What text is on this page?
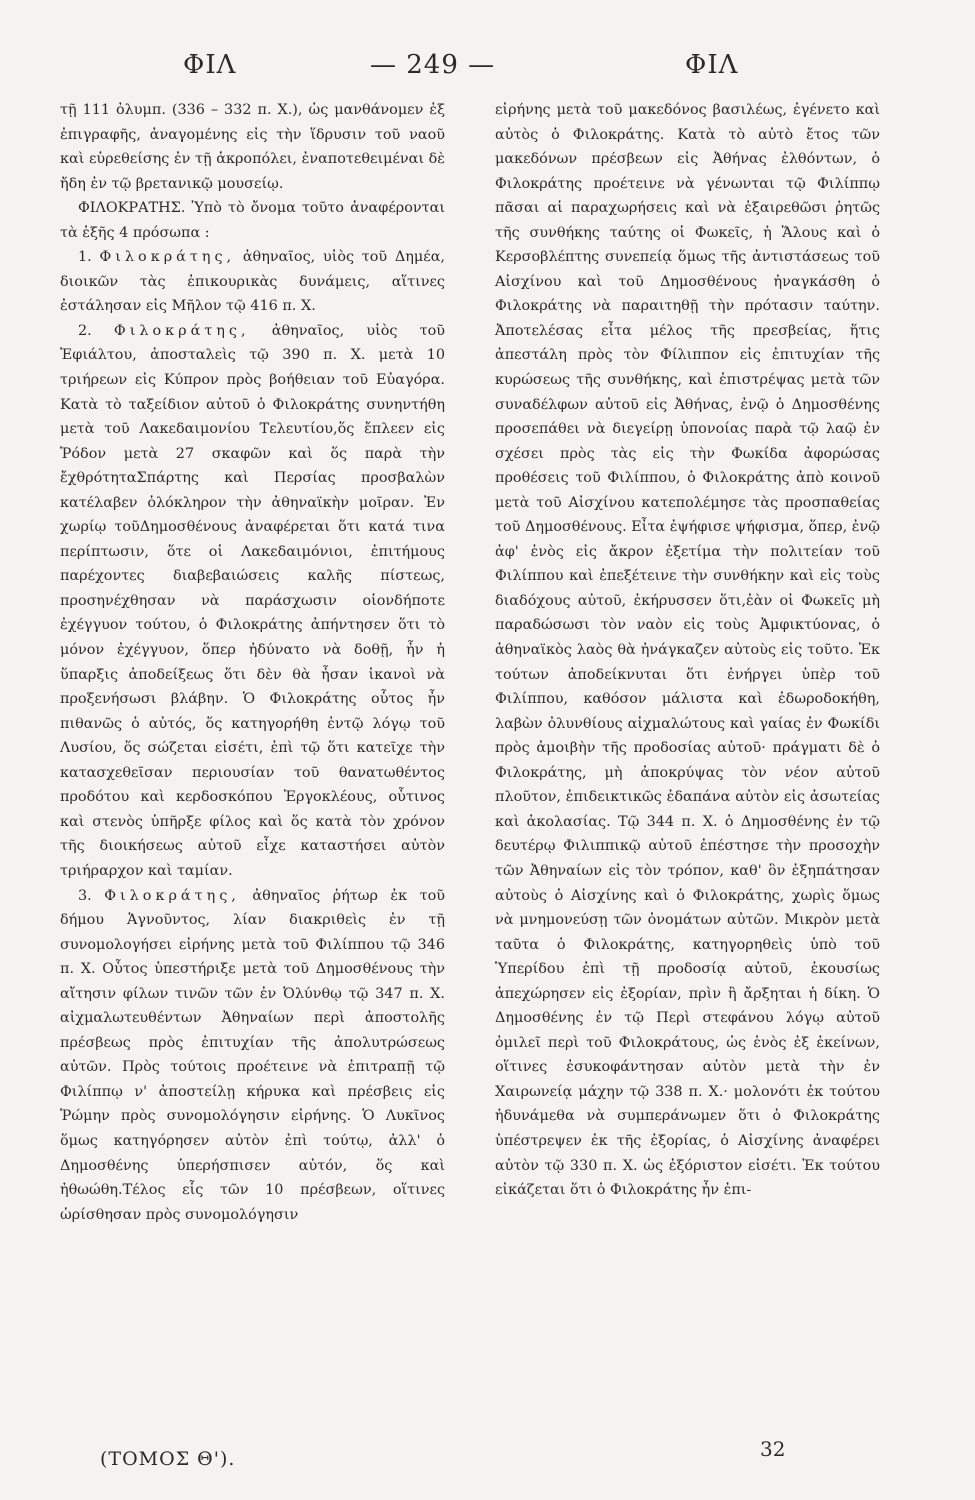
ΦΙΛ	— 249 —	ΦΙΛ

τῇ 111 ὀλυμπ. (336 – 332 π. Χ.), ὡς μανθάνομεν ἐξ ἐπιγραφῆς, ἀναγομένης εἰς τὴν ἵδρυσιν τοῦ ναοῦ καὶ εὑρεθείσης ἐν τῇ ἀκροπόλει, ἐναποτεθειμέναι δὲ ἤδη ἐν τῷ βρετανικῷ μουσείῳ.

ΦΙΛΟΚΡΑΤΗΣ. Ὑπὸ τὸ ὄνομα τοῦτο ἀναφέρονται τὰ ἑξῆς 4 πρόσωπα :

1. Φιλοκράτης, ἀθηναῖος, υἱὸς τοῦ Δημέα, διοικῶν τὰς ἐπικουρικὰς δυνάμεις, αἵτινες ἐστάλησαν εἰς Μῆλον τῷ 416 π. Χ.

2. Φιλοκράτης, ἀθηναῖος, υἱὸς τοῦ Ἐφιάλτου, ἀποσταλεὶς τῷ 390 π. Χ. μετὰ 10 τριήρεων εἰς Κύπρον πρὸς βοήθειαν τοῦ Εὐαγόρα. Κατὰ τὸ ταξείδιον αὐτοῦ ὁ Φιλοκράτης συνηντήθη μετὰ τοῦ Λακεδαιμονίου Τελευτίου,ὅς ἔπλεεν εἰς Ῥόδον μετὰ 27 σκαφῶν καὶ ὅς παρὰ τὴν ἔχθρότηταΣπάρτης καὶ Περσίας προσβαλὼν κατέλαβεν ὁλόκληρον τὴν ἀθηναϊκὴν μοῖραν. Ἐν χωρίῳ τοῦΔημοσθένους ἀναφέρεται ὅτι κατά τινα περίπτωσιν, ὅτε οἱ Λακεδαιμόνιοι, ἐπιτήμους παρέχοντες διαβεβαιώσεις καλῆς πίστεως, προσηνέχθησαν νὰ παράσχωσιν οἱονδήποτε ἐχέγγυον τούτου, ὁ Φιλοκράτης ἀπήντησεν ὅτι τὸ μόνον ἐχέγγυον, ὅπερ ἠδύνατο νὰ δοθῇ, ἦν ἡ ὕπαρξις ἀποδείξεως ὅτι δὲν θὰ ἦσαν ἱκανοὶ νὰ προξενήσωσι βλάβην. Ὁ Φιλοκράτης οὗτος ἦν πιθανῶς ὁ αὐτός, ὅς κατηγορήθη ἐντῷ λόγῳ τοῦ Λυσίου, ὅς σώζεται εἰσέτι, ἐπὶ τῷ ὅτι κατεῖχε τὴν κατασχεθεῖσαν περιουσίαν τοῦ θανατωθέντος προδότου καὶ κερδοσκόπου Ἐργοκλέους, οὗτινος καὶ στενὸς ὑπῆρξε φίλος καὶ ὅς κατὰ τὸν χρόνον τῆς διοικήσεως αὐτοῦ εἶχε καταστήσει αὐτὸν τριήραρχον καὶ ταμίαν.

3. Φιλοκράτης, ἀθηναῖος ῥήτωρ ἐκ τοῦ δήμου Ἁγνοῦντος, λίαν διακριθεὶς ἐν τῇ συνομολογήσει εἰρήνης μετὰ τοῦ Φιλίππου τῷ 346 π. Χ. Οὗτος ὑπεστήριξε μετὰ τοῦ Δημοσθένους τὴν αἴτησιν φίλων τινῶν τῶν ἐν Ὀλύνθῳ τῷ 347 π. Χ. αἰχμαλωτευθέντων Ἀθηναίων περὶ ἀποστολῆς πρέσβεως πρὸς ἐπιτυχίαν τῆς ἀπολυτρώσεως αὐτῶν. Πρὸς τούτοις προέτεινε νὰ ἐπιτραπῇ τῷ Φιλίππῳ ν' ἀποστείλῃ κήρυκα καὶ πρέσβεις εἰς Ῥώμην πρὸς συνομολόγησιν εἰρήνης. Ὁ Λυκῖνος ὅμως κατηγόρησεν αὐτὸν ἐπὶ τούτῳ, ἀλλ' ὁ Δημοσθένης ὑπερήσπισεν αὐτόν, ὅς καὶ ἠθωώθη.Τέλος εἷς τῶν 10 πρέσβεων, οἵτινες ὡρίσθησαν πρὸς συνομολόγησιν

εἰρήνης μετὰ τοῦ μακεδόνος βασιλέως, ἐγένετο καὶ αὐτὸς ὁ Φιλοκράτης. Κατὰ τὸ αὐτὸ ἔτος τῶν μακεδόνων πρέσβεων εἰς Ἀθήνας ἐλθόντων, ὁ Φιλοκράτης προέτεινε νὰ γένωνται τῷ Φιλίππῳ πᾶσαι αἱ παραχωρήσεις καὶ νὰ ἐξαιρεθῶσι ῥητῶς τῆς συνθήκης ταύτης οἱ Φωκεῖς, ἡ Ἅλους καὶ ὁ Κερσοβλέπτης συνεπείᾳ ὅμως τῆς ἀντιστάσεως τοῦ Αἰσχίνου καὶ τοῦ Δημοσθένους ἠναγκάσθη ὁ Φιλοκράτης νὰ παραιτηθῇ τὴν πρότασιν ταύτην. Ἀποτελέσας εἶτα μέλος τῆς πρεσβείας, ἥτις ἀπεστάλη πρὸς τὸν Φίλιππον εἰς ἐπιτυχίαν τῆς κυρώσεως τῆς συνθήκης, καὶ ἐπιστρέψας μετὰ τῶν συναδέλφων αὐτοῦ εἰς Ἀθήνας, ἐνῷ ὁ Δημοσθένης προσεπάθει νὰ διεγείρῃ ὑπονοίας παρὰ τῷ λαῷ ἐν σχέσει πρὸς τὰς εἰς τὴν Φωκίδα ἀφορώσας προθέσεις τοῦ Φιλίππου, ὁ Φιλοκράτης ἀπὸ κοινοῦ μετὰ τοῦ Αἰσχίνου κατεπολέμησε τὰς προσπαθείας τοῦ Δημοσθένους. Εἶτα ἐψήφισε ψήφισμα, ὅπερ, ἐνῷ ἀφ' ἑνὸς εἰς ἄκρον ἐξετίμα τὴν πολιτείαν τοῦ Φιλίππου καὶ ἐπεξέτεινε τὴν συνθήκην καὶ εἰς τοὺς διαδόχους αὐτοῦ, ἐκήρυσσεν ὅτι,ἐὰν οἱ Φωκεῖς μὴ παραδώσωσι τὸν ναὸν εἰς τοὺς Ἀμφικτύονας, ὁ ἀθηναϊκὸς λαὸς θὰ ἠνάγκαζεν αὐτοὺς εἰς τοῦτο. Ἐκ τούτων ἀποδείκνυται ὅτι ἐνήργει ὑπὲρ τοῦ Φιλίππου, καθόσον μάλιστα καὶ ἐδωροδοκήθη, λαβὼν ὀλυνθίους αἰχμαλώτους καὶ γαίας ἐν Φωκίδι πρὸς ἀμοιβὴν τῆς προδοσίας αὐτοῦ· πράγματι δὲ ὁ Φιλοκράτης, μὴ ἀποκρύψας τὸν νέον αὐτοῦ πλοῦτον, ἐπιδεικτικῶς ἐδαπάνα αὐτὸν εἰς ἀσωτείας καὶ ἀκολασίας. Τῷ 344 π. Χ. ὁ Δημοσθένης ἐν τῷ δευτέρῳ Φιλιππικῷ αὐτοῦ ἐπέστησε τὴν προσοχὴν τῶν Ἀθηναίων εἰς τὸν τρόπον, καθ' ὃν ἐξηπάτησαν αὐτοὺς ὁ Αἰσχίνης καὶ ὁ Φιλοκράτης, χωρὶς ὅμως νὰ μνημονεύσῃ τῶν ὀνομάτων αὐτῶν. Μικρὸν μετὰ ταῦτα ὁ Φιλοκράτης, κατηγορηθεὶς ὑπὸ τοῦ Ὑπερίδου ἐπὶ τῇ προδοσίᾳ αὐτοῦ, ἑκουσίως ἀπεχώρησεν εἰς ἐξορίαν, πρὶν ἢ ἄρξηται ἡ δίκη. Ὁ Δημοσθένης ἐν τῷ Περὶ στεφάνου λόγῳ αὐτοῦ ὁμιλεῖ περὶ τοῦ Φιλοκράτους, ὡς ἑνὸς ἐξ ἐκείνων, οἵτινες ἐσυκοφάντησαν αὐτὸν μετὰ τὴν ἐν Χαιρωνείᾳ μάχην τῷ 338 π. Χ.· μολονότι ἐκ τούτου ἠδυνάμεθα νὰ συμπεράνωμεν ὅτι ὁ Φιλοκράτης ὑπέστρεψεν ἐκ τῆς ἐξορίας, ὁ Αἰσχίνης ἀναφέρει αὐτὸν τῷ 330 π. Χ. ὡς ἐξόριστον εἰσέτι. Ἐκ τούτου εἰκάζεται ὅτι ὁ Φιλοκράτης ἦν ἐπι-

(ΤΟΜΟΣ Θ').	32
